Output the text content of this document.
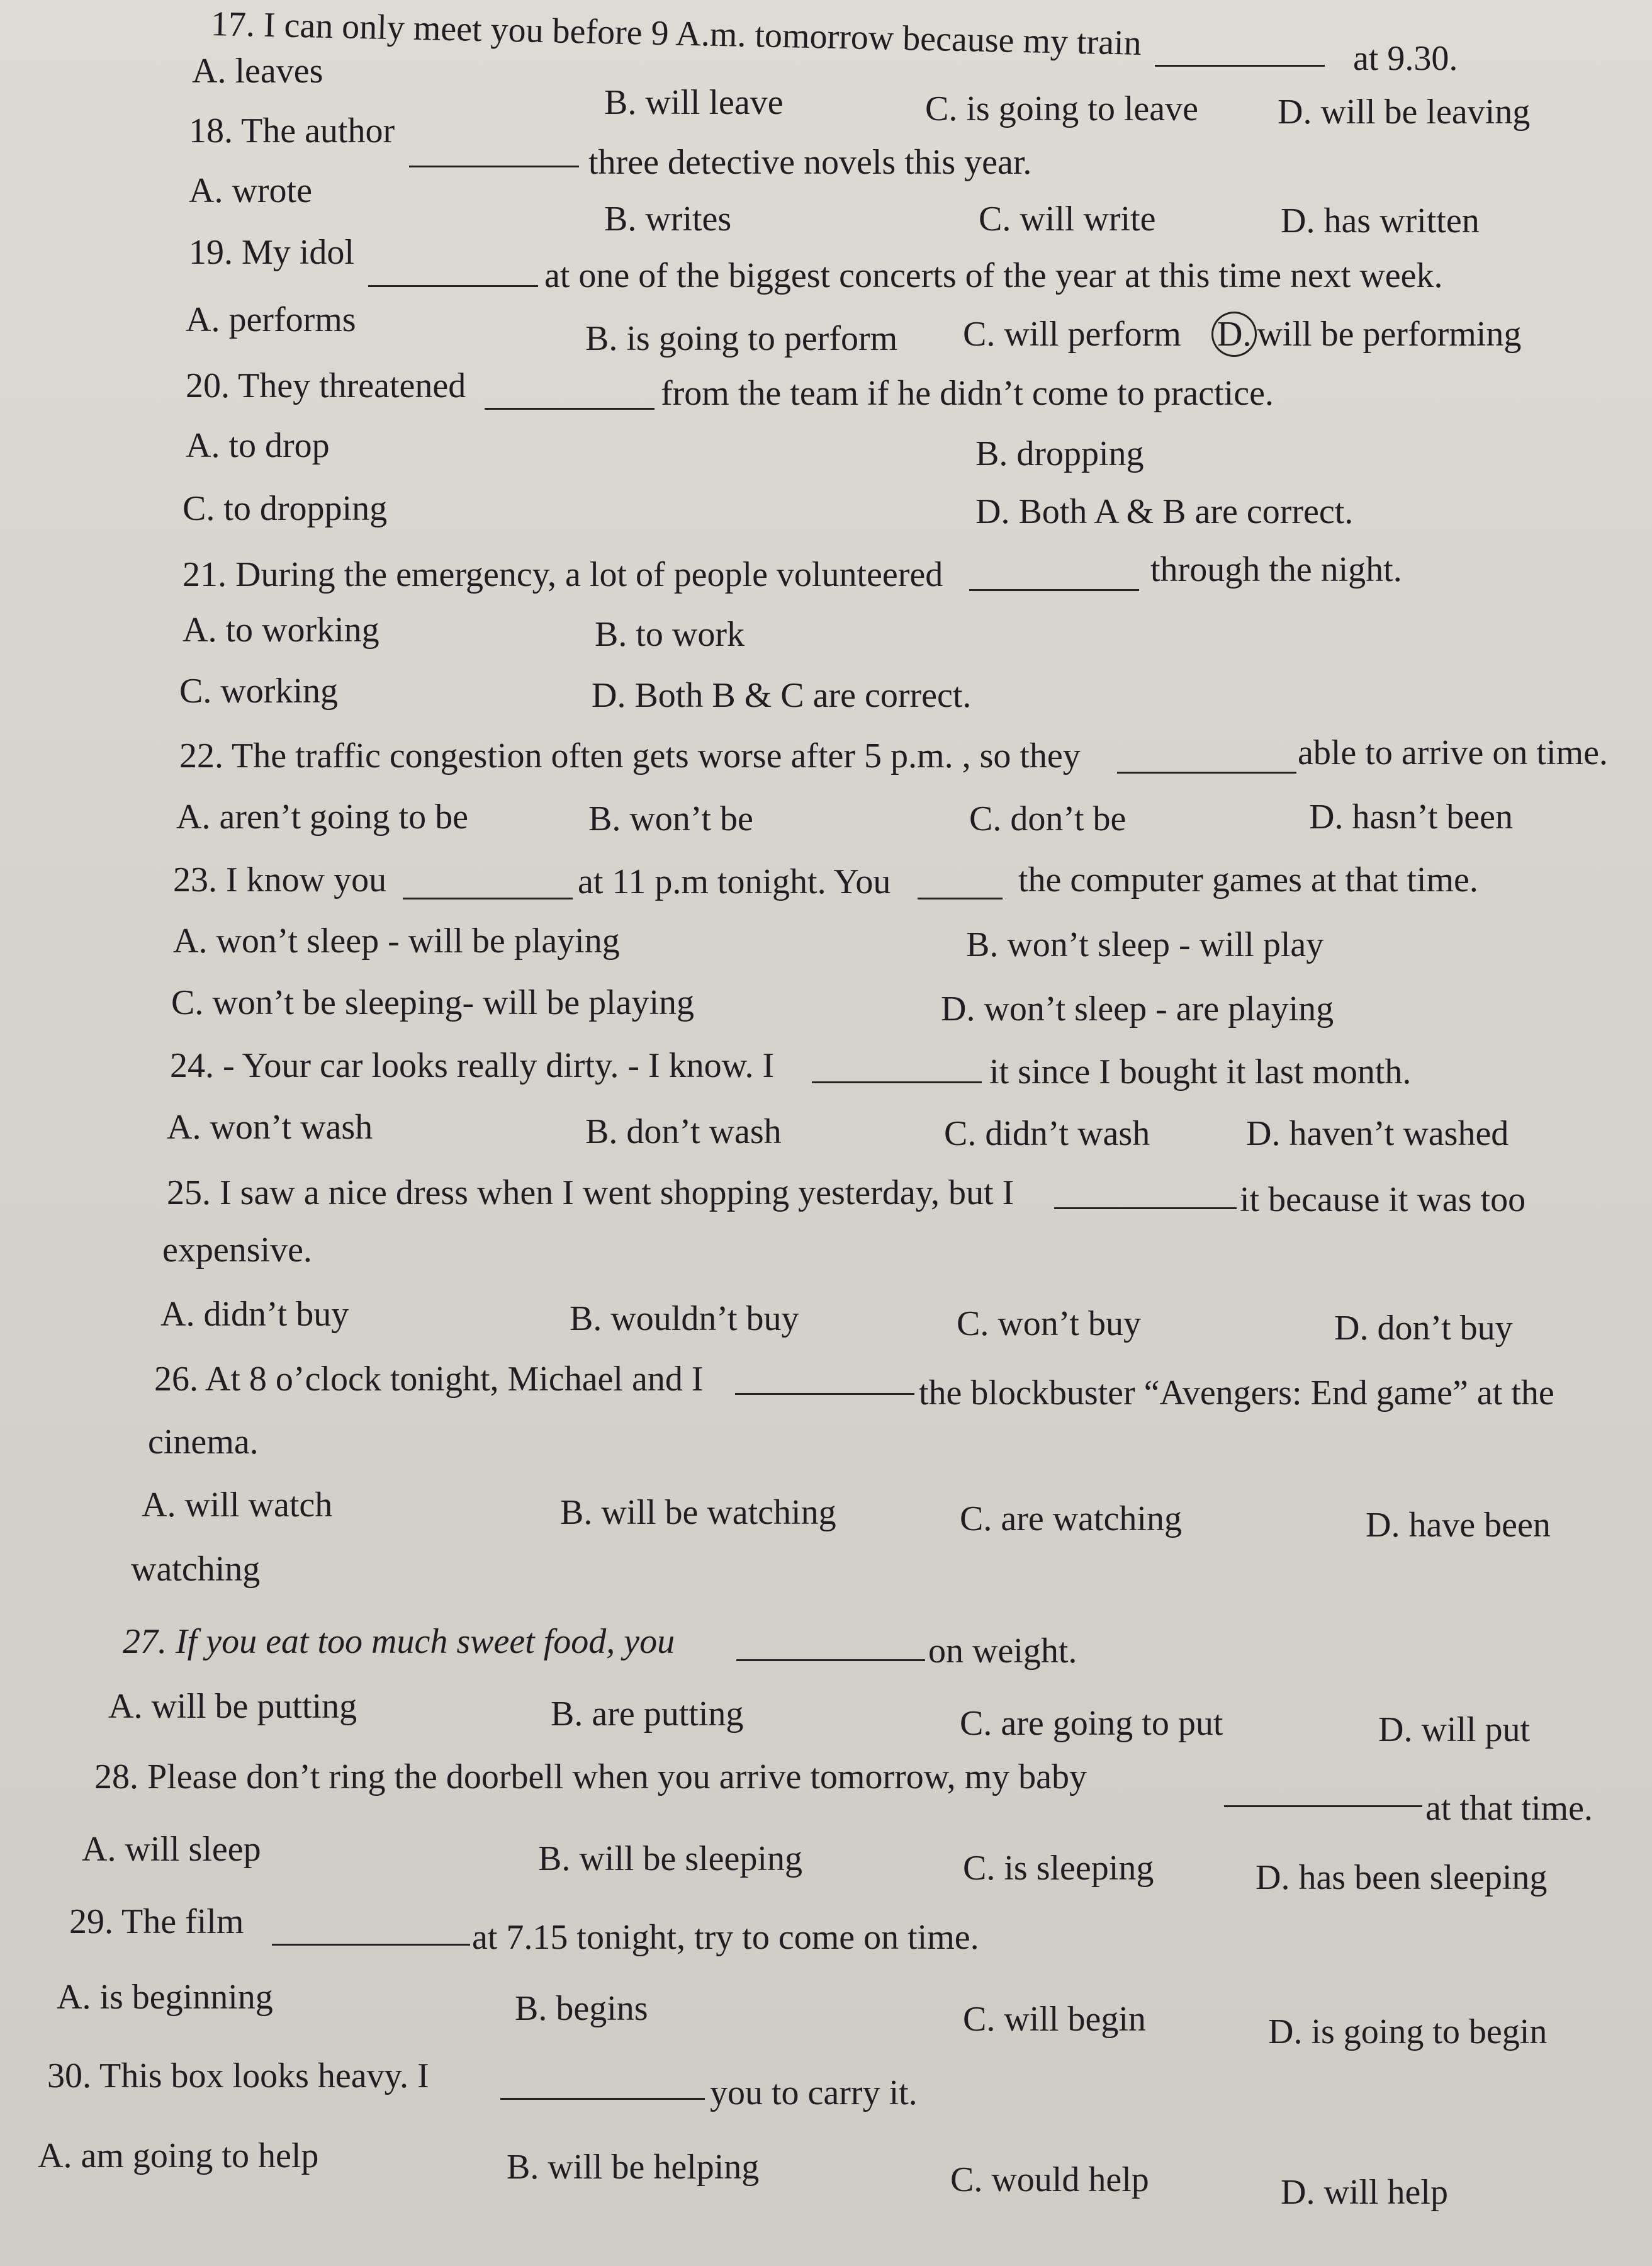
17. I can only meet you before 9 A.m. tomorrow because my train	at 9.30.
A. leaves
B. will leave	C. is going to leave D. will be leaving
18. The author
three detective novels this year.
A. wrote
B. writes	C. will write	D. has written
19. My idol
at one of the biggest concerts of the year at this time next week.
A. performs	B. is going to perform C. will perform D. will be performing
20. They threatened	from the team if he didn’t come to practice.
A. to drop	B. dropping
C. to dropping	D. Both A & B are correct.
21. During the emergency, a lot of people volunteered	through the night.
A. to working	B. to work
C. working	D. Both B & C are correct.
22. The traffic congestion often gets worse after 5 p.m. , so they	able to arrive on time.
A. aren’t going to be	B. won’t be	C. don’t be	D. hasn’t been
23. I know you	at 11 p.m tonight. You	the computer games at that time.
A. won’t sleep - will be playing	B. won’t sleep - will play
C. won’t be sleeping- will be playing	D. won’t sleep - are playing
24. - Your car looks really dirty. - I know. I	it since I bought it last month.
A. won’t wash	B. don’t wash	C. didn’t wash	D. haven’t washed
25. I saw a nice dress when I went shopping yesterday, but I	it because it was too
expensive.
A. didn’t buy	B. wouldn’t buy	C. won’t buy	D. don’t buy
26. At 8 o’clock tonight, Michael and I	the blockbuster “Avengers: End game” at the
cinema.
A. will watch	B. will be watching	C. are watching	D. have been
watching
27. If you eat too much sweet food, you	on weight.
A. will be putting	B. are putting	C. are going to put	D. will put
28. Please don’t ring the doorbell when you arrive tomorrow, my baby
at that time.
A. will sleep	B. will be sleeping	C. is sleeping	D. has been sleeping
29. The film	at 7.15 tonight, try to come on time.
A. is beginning	B. begins	C. will begin	D. is going to begin
30. This box looks heavy. I	you to carry it.
A. am going to help	B. will be helping	C. would help	D. will help
